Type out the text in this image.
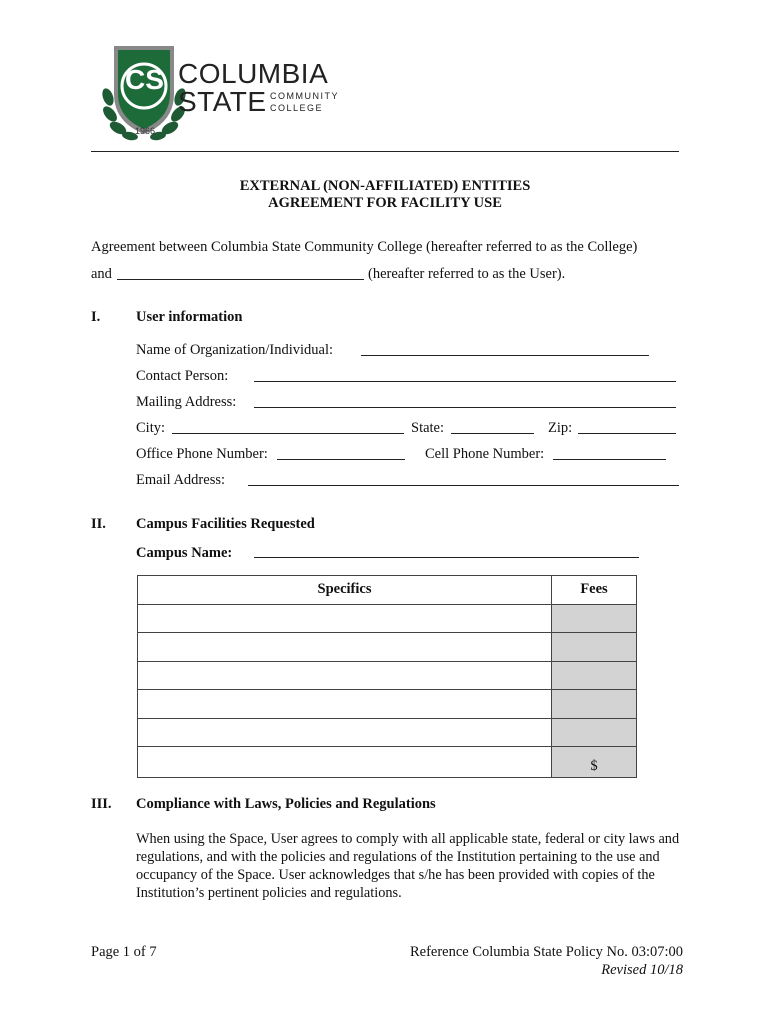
CS
1966
COLUMBIA
STATE COMMUNITY
COLLEGE
EXTERNAL (NON-AFFILIATED) ENTITIES
AGREEMENT FOR FACILITY USE
Agreement between Columbia State Community College (hereafter referred to as the College)
and	(hereafter referred to as the User).
I. User information
Name of Organization/Individual:
Contact Person:
Mailing Address:
City:	State:	Zip:
Office Phone Number:	Cell Phone Number:
Email Address:
II. Campus Facilities Requested
Campus Name:
Specifics	Fees

	$
III. Compliance with Laws, Policies and Regulations
When using the Space, User agrees to comply with all applicable state, federal or city laws and regulations, and with the policies and regulations of the Institution pertaining to the use and occupancy of the Space. User acknowledges that s/he has been provided with copies of the Institution’s pertinent policies and regulations.
Page 1 of 7	Reference Columbia State Policy No. 03:07:00
Revised 10/18
